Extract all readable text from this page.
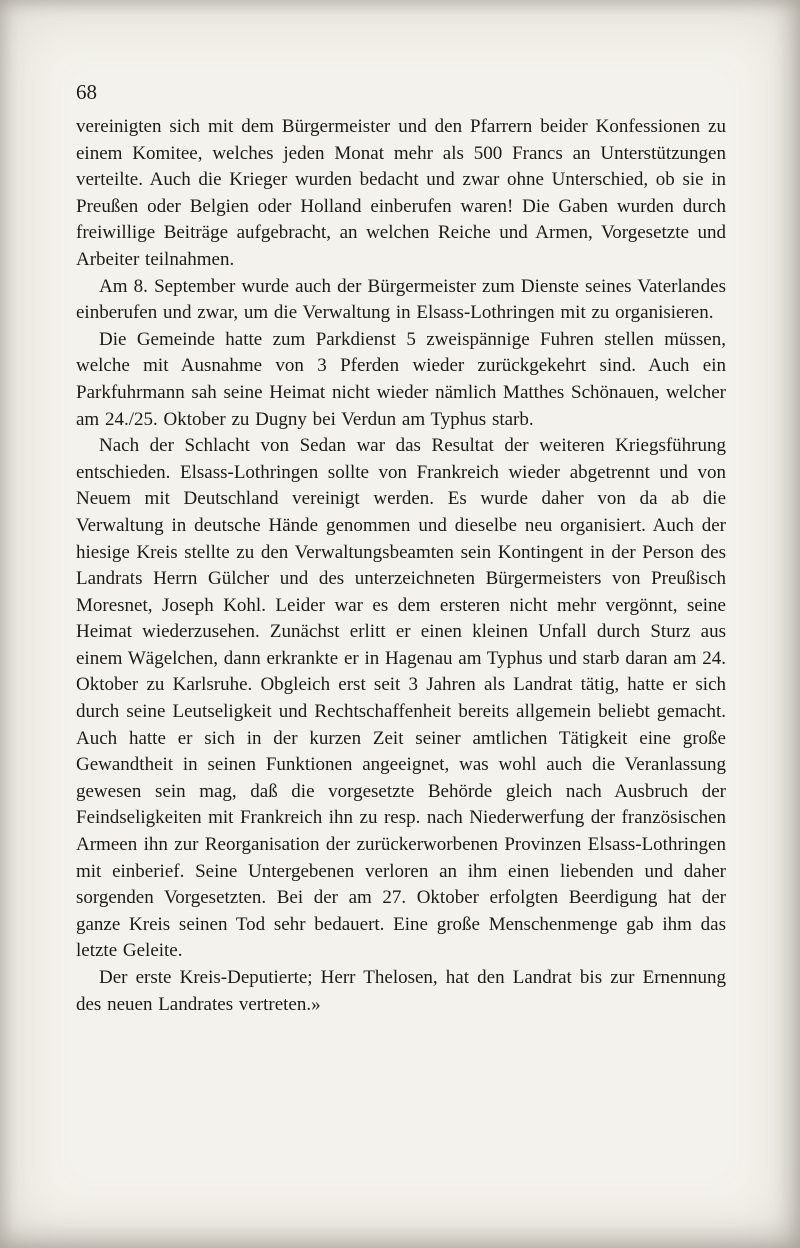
68

vereinigten sich mit dem Bürgermeister und den Pfarrern beider Konfessionen zu einem Komitee, welches jeden Monat mehr als 500 Francs an Unterstützungen verteilte. Auch die Krieger wurden bedacht und zwar ohne Unterschied, ob sie in Preußen oder Belgien oder Holland einberufen waren! Die Gaben wurden durch freiwillige Beiträge aufgebracht, an welchen Reiche und Armen, Vorgesetzte und Arbeiter teilnahmen.

Am 8. September wurde auch der Bürgermeister zum Dienste seines Vaterlandes einberufen und zwar, um die Verwaltung in Elsass-Lothringen mit zu organisieren.

Die Gemeinde hatte zum Parkdienst 5 zweispännige Fuhren stellen müssen, welche mit Ausnahme von 3 Pferden wieder zurückgekehrt sind. Auch ein Parkfuhrmann sah seine Heimat nicht wieder nämlich Matthes Schönauen, welcher am 24./25. Oktober zu Dugny bei Verdun am Typhus starb.

Nach der Schlacht von Sedan war das Resultat der weiteren Kriegsführung entschieden. Elsass-Lothringen sollte von Frankreich wieder abgetrennt und von Neuem mit Deutschland vereinigt werden. Es wurde daher von da ab die Verwaltung in deutsche Hände genommen und dieselbe neu organisiert. Auch der hiesige Kreis stellte zu den Verwaltungsbeamten sein Kontingent in der Person des Landrats Herrn Gülcher und des unterzeichneten Bürgermeisters von Preußisch Moresnet, Joseph Kohl. Leider war es dem ersteren nicht mehr vergönnt, seine Heimat wiederzusehen. Zunächst erlitt er einen kleinen Unfall durch Sturz aus einem Wägelchen, dann erkrankte er in Hagenau am Typhus und starb daran am 24. Oktober zu Karlsruhe. Obgleich erst seit 3 Jahren als Landrat tätig, hatte er sich durch seine Leutseligkeit und Rechtschaffenheit bereits allgemein beliebt gemacht. Auch hatte er sich in der kurzen Zeit seiner amtlichen Tätigkeit eine große Gewandtheit in seinen Funktionen angeeignet, was wohl auch die Veranlassung gewesen sein mag, daß die vorgesetzte Behörde gleich nach Ausbruch der Feindseligkeiten mit Frankreich ihn zu resp. nach Niederwerfung der französischen Armeen ihn zur Reorganisation der zurückerworbenen Provinzen Elsass-Lothringen mit einberief. Seine Untergebenen verloren an ihm einen liebenden und daher sorgenden Vorgesetzten. Bei der am 27. Oktober erfolgten Beerdigung hat der ganze Kreis seinen Tod sehr bedauert. Eine große Menschenmenge gab ihm das letzte Geleite.

Der erste Kreis-Deputierte; Herr Thelosen, hat den Landrat bis zur Ernennung des neuen Landrates vertreten.»
